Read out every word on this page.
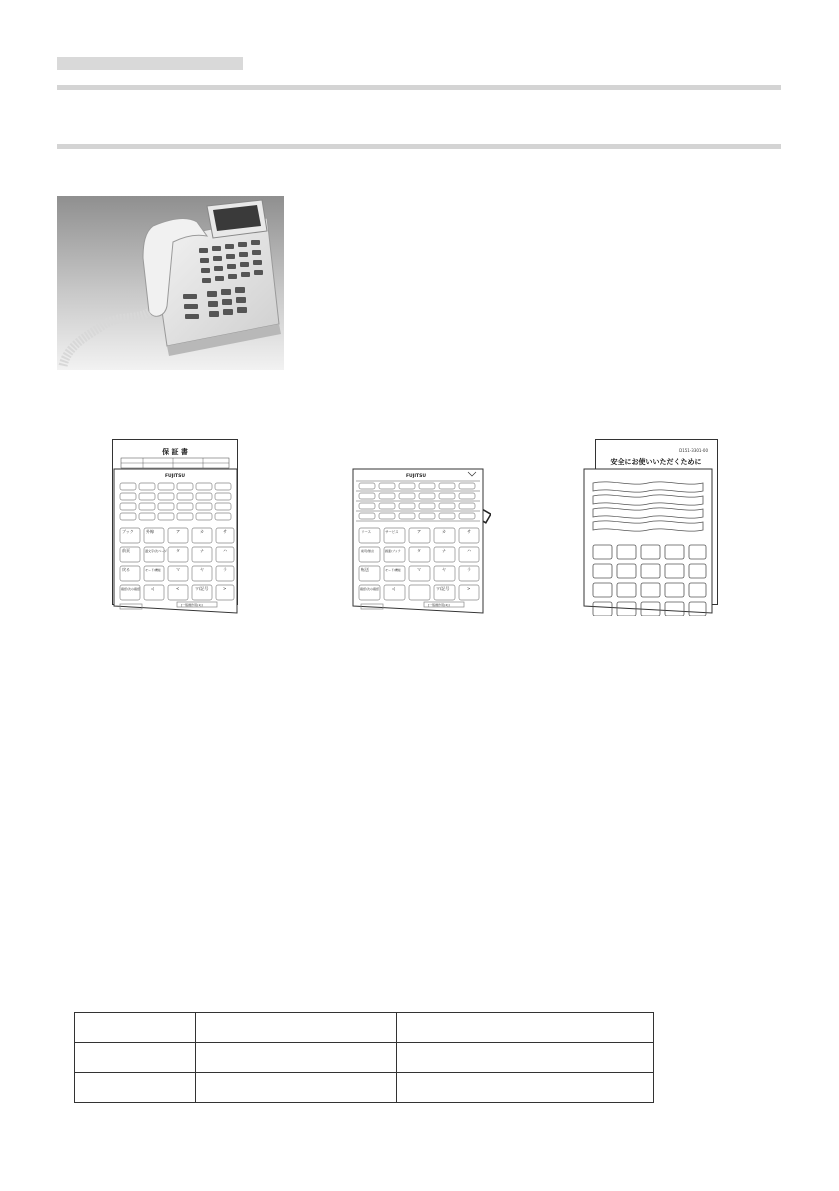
保 証 書	D151-3301-00
安全にお使いいただくために
FUJITSU
ブック	外線	ア	カ	サ
前頁	頭文字/次ページ タ	ナ	ハ
戻る	モード/機能	マ	ヤ	ラ
確認/次の確認	◁	<	ワ/記号	>
[一般操作用(1)]
FUJITSU
リース	サービス	ア	カ	サ
前頁/無言	画面/ブック	タ	ナ	ハ
転送	モード/機能	マ	ヤ	ラ
確認/次の確認	◁	ワ/記号	>
[一般操作用(2)]
